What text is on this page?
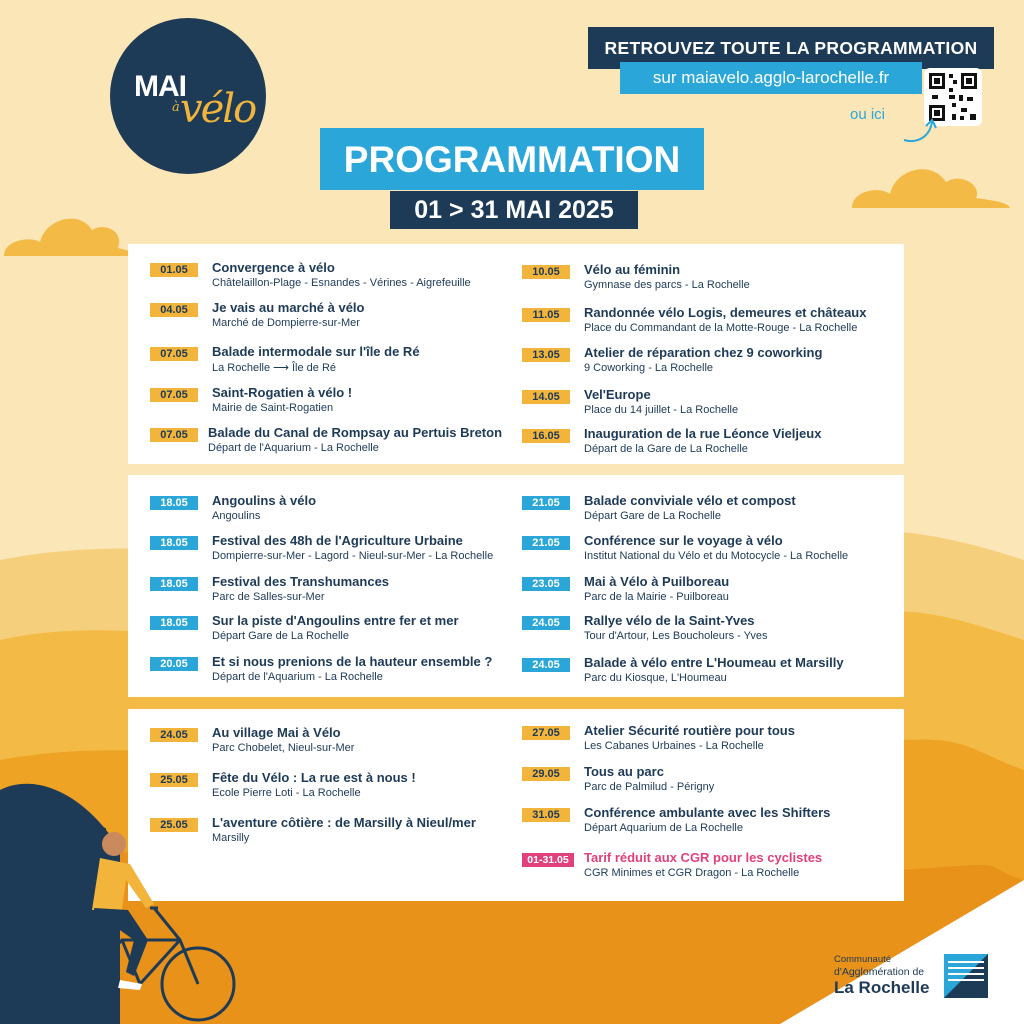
MAI
à vélo
RETROUVEZ TOUTE LA PROGRAMMATION
sur maiavelo.agglo-larochelle.fr
ou ici
PROGRAMMATION
01 > 31 MAI 2025
01.05	Convergence à vélo
Châtelaillon-Plage - Esnandes - Vérines - Aigrefeuille
04.05	Je vais au marché à vélo
Marché de Dompierre-sur-Mer
07.05	Balade intermodale sur l'île de Ré
La Rochelle ⟶ Île de Ré
07.05	Saint-Rogatien à vélo !
Mairie de Saint-Rogatien
07.05	Balade du Canal de Rompsay au Pertuis Breton
Départ de l'Aquarium - La Rochelle
10.05	Vélo au féminin
Gymnase des parcs - La Rochelle
11.05	Randonnée vélo Logis, demeures et châteaux
Place du Commandant de la Motte-Rouge - La Rochelle
13.05	Atelier de réparation chez 9 coworking
9 Coworking - La Rochelle
14.05	Vel'Europe
Place du 14 juillet - La Rochelle
16.05	Inauguration de la rue Léonce Vieljeux
Départ de la Gare de La Rochelle
18.05	Angoulins à vélo
Angoulins
18.05	Festival des 48h de l'Agriculture Urbaine
Dompierre-sur-Mer - Lagord - Nieul-sur-Mer - La Rochelle
18.05	Festival des Transhumances
Parc de Salles-sur-Mer
18.05	Sur la piste d'Angoulins entre fer et mer
Départ Gare de La Rochelle
20.05	Et si nous prenions de la hauteur ensemble ?
Départ de l'Aquarium - La Rochelle
21.05	Balade conviviale vélo et compost
Départ Gare de La Rochelle
21.05	Conférence sur le voyage à vélo
Institut National du Vélo et du Motocycle - La Rochelle
23.05	Mai à Vélo à Puilboreau
Parc de la Mairie - Puilboreau
24.05	Rallye vélo de la Saint-Yves
Tour d'Artour, Les Boucholeurs - Yves
24.05	Balade à vélo entre L'Houmeau et Marsilly
Parc du Kiosque, L'Houmeau
24.05	Au village Mai à Vélo
Parc Chobelet, Nieul-sur-Mer
25.05	Fête du Vélo : La rue est à nous !
Ecole Pierre Loti - La Rochelle
25.05	L'aventure côtière : de Marsilly à Nieul/mer
Marsilly
27.05	Atelier Sécurité routière pour tous
Les Cabanes Urbaines - La Rochelle
29.05	Tous au parc
Parc de Palmilud - Périgny
31.05	Conférence ambulante avec les Shifters
Départ Aquarium de La Rochelle
01-31.05	Tarif réduit aux CGR pour les cyclistes
CGR Minimes et CGR Dragon - La Rochelle
Communauté
d'Agglomération de
La Rochelle
